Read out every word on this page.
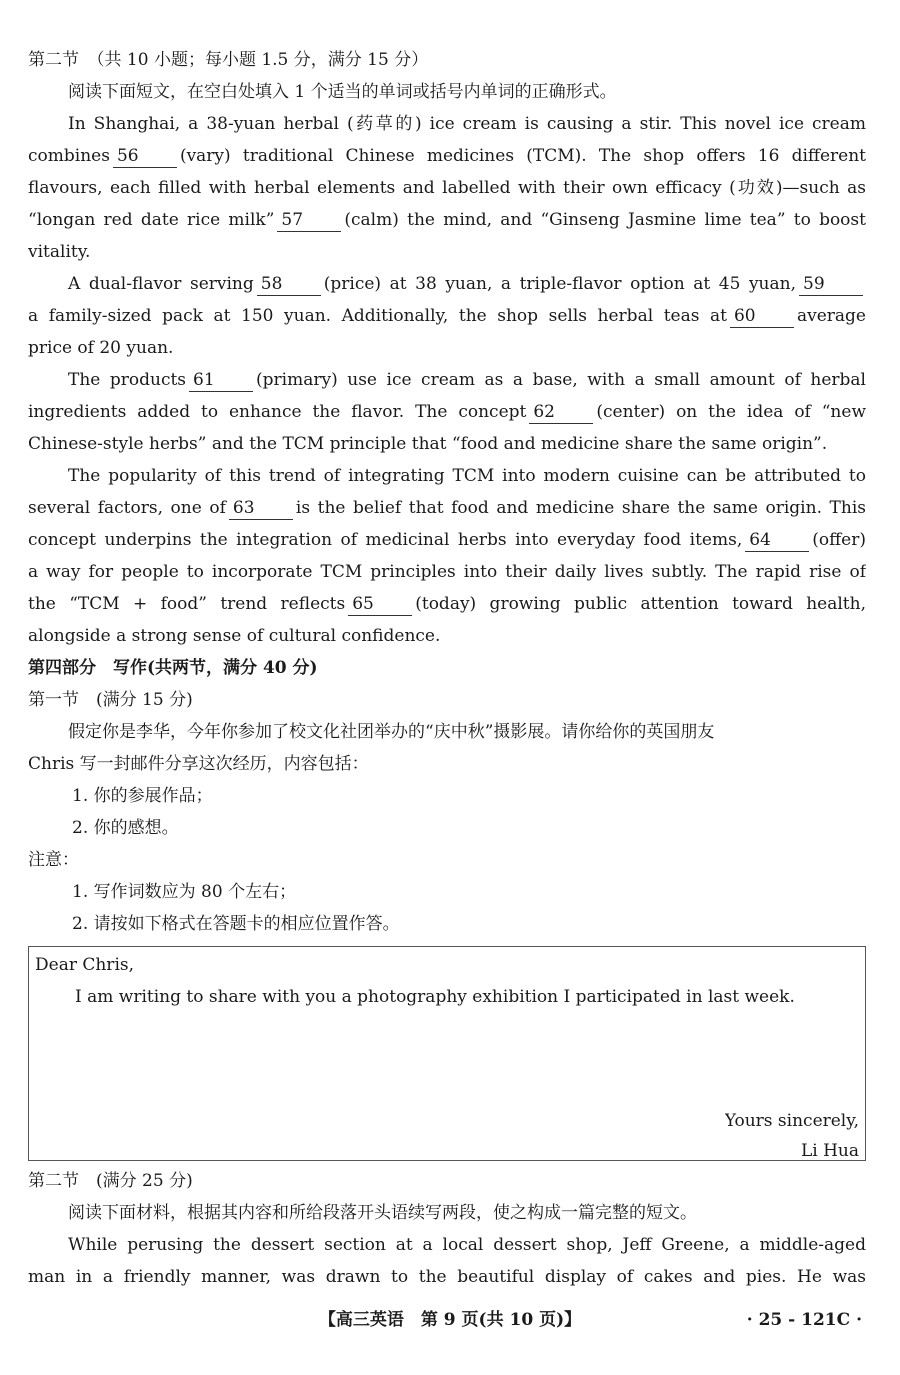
第二节　（共 10 小题；每小题 1.5 分，满分 15 分）
阅读下面短文，在空白处填入 1 个适当的单词或括号内单词的正确形式。
In Shanghai, a 38-yuan herbal (药草的) ice cream is causing a stir. This novel ice cream
combines 56 (vary) traditional Chinese medicines (TCM). The shop offers 16 different
flavours, each filled with herbal elements and labelled with their own efficacy (功效)—such as
“longan red date rice milk” 57 (calm) the mind, and “Ginseng Jasmine lime tea” to boost
vitality.
A dual-flavor serving 58 (price) at 38 yuan, a triple-flavor option at 45 yuan, 59
a family-sized pack at 150 yuan. Additionally, the shop sells herbal teas at 60 average
price of 20 yuan.
The products 61 (primary) use ice cream as a base, with a small amount of herbal
ingredients added to enhance the flavor. The concept 62 (center) on the idea of “new
Chinese-style herbs” and the TCM principle that “food and medicine share the same origin”.
The popularity of this trend of integrating TCM into modern cuisine can be attributed to
several factors, one of 63 is the belief that food and medicine share the same origin. This
concept underpins the integration of medicinal herbs into everyday food items, 64 (offer)
a way for people to incorporate TCM principles into their daily lives subtly. The rapid rise of
the “TCM + food” trend reflects 65 (today) growing public attention toward health,
alongside a strong sense of cultural confidence.
第四部分　写作(共两节，满分 40 分)
第一节　(满分 15 分)
假定你是李华，今年你参加了校文化社团举办的“庆中秋”摄影展。请你给你的英国朋友
Chris 写一封邮件分享这次经历，内容包括：
1. 你的参展作品；
2. 你的感想。
注意：
1. 写作词数应为 80 个左右；
2. 请按如下格式在答题卡的相应位置作答。
Dear Chris,
I am writing to share with you a photography exhibition I participated in last week.
Yours sincerely,
Li Hua
第二节　(满分 25 分)
阅读下面材料，根据其内容和所给段落开头语续写两段，使之构成一篇完整的短文。
While perusing the dessert section at a local dessert shop, Jeff Greene, a middle-aged
man in a friendly manner, was drawn to the beautiful display of cakes and pies. He was
【高三英语　第 9 页(共 10 页)】	· 25 - 121C ·
